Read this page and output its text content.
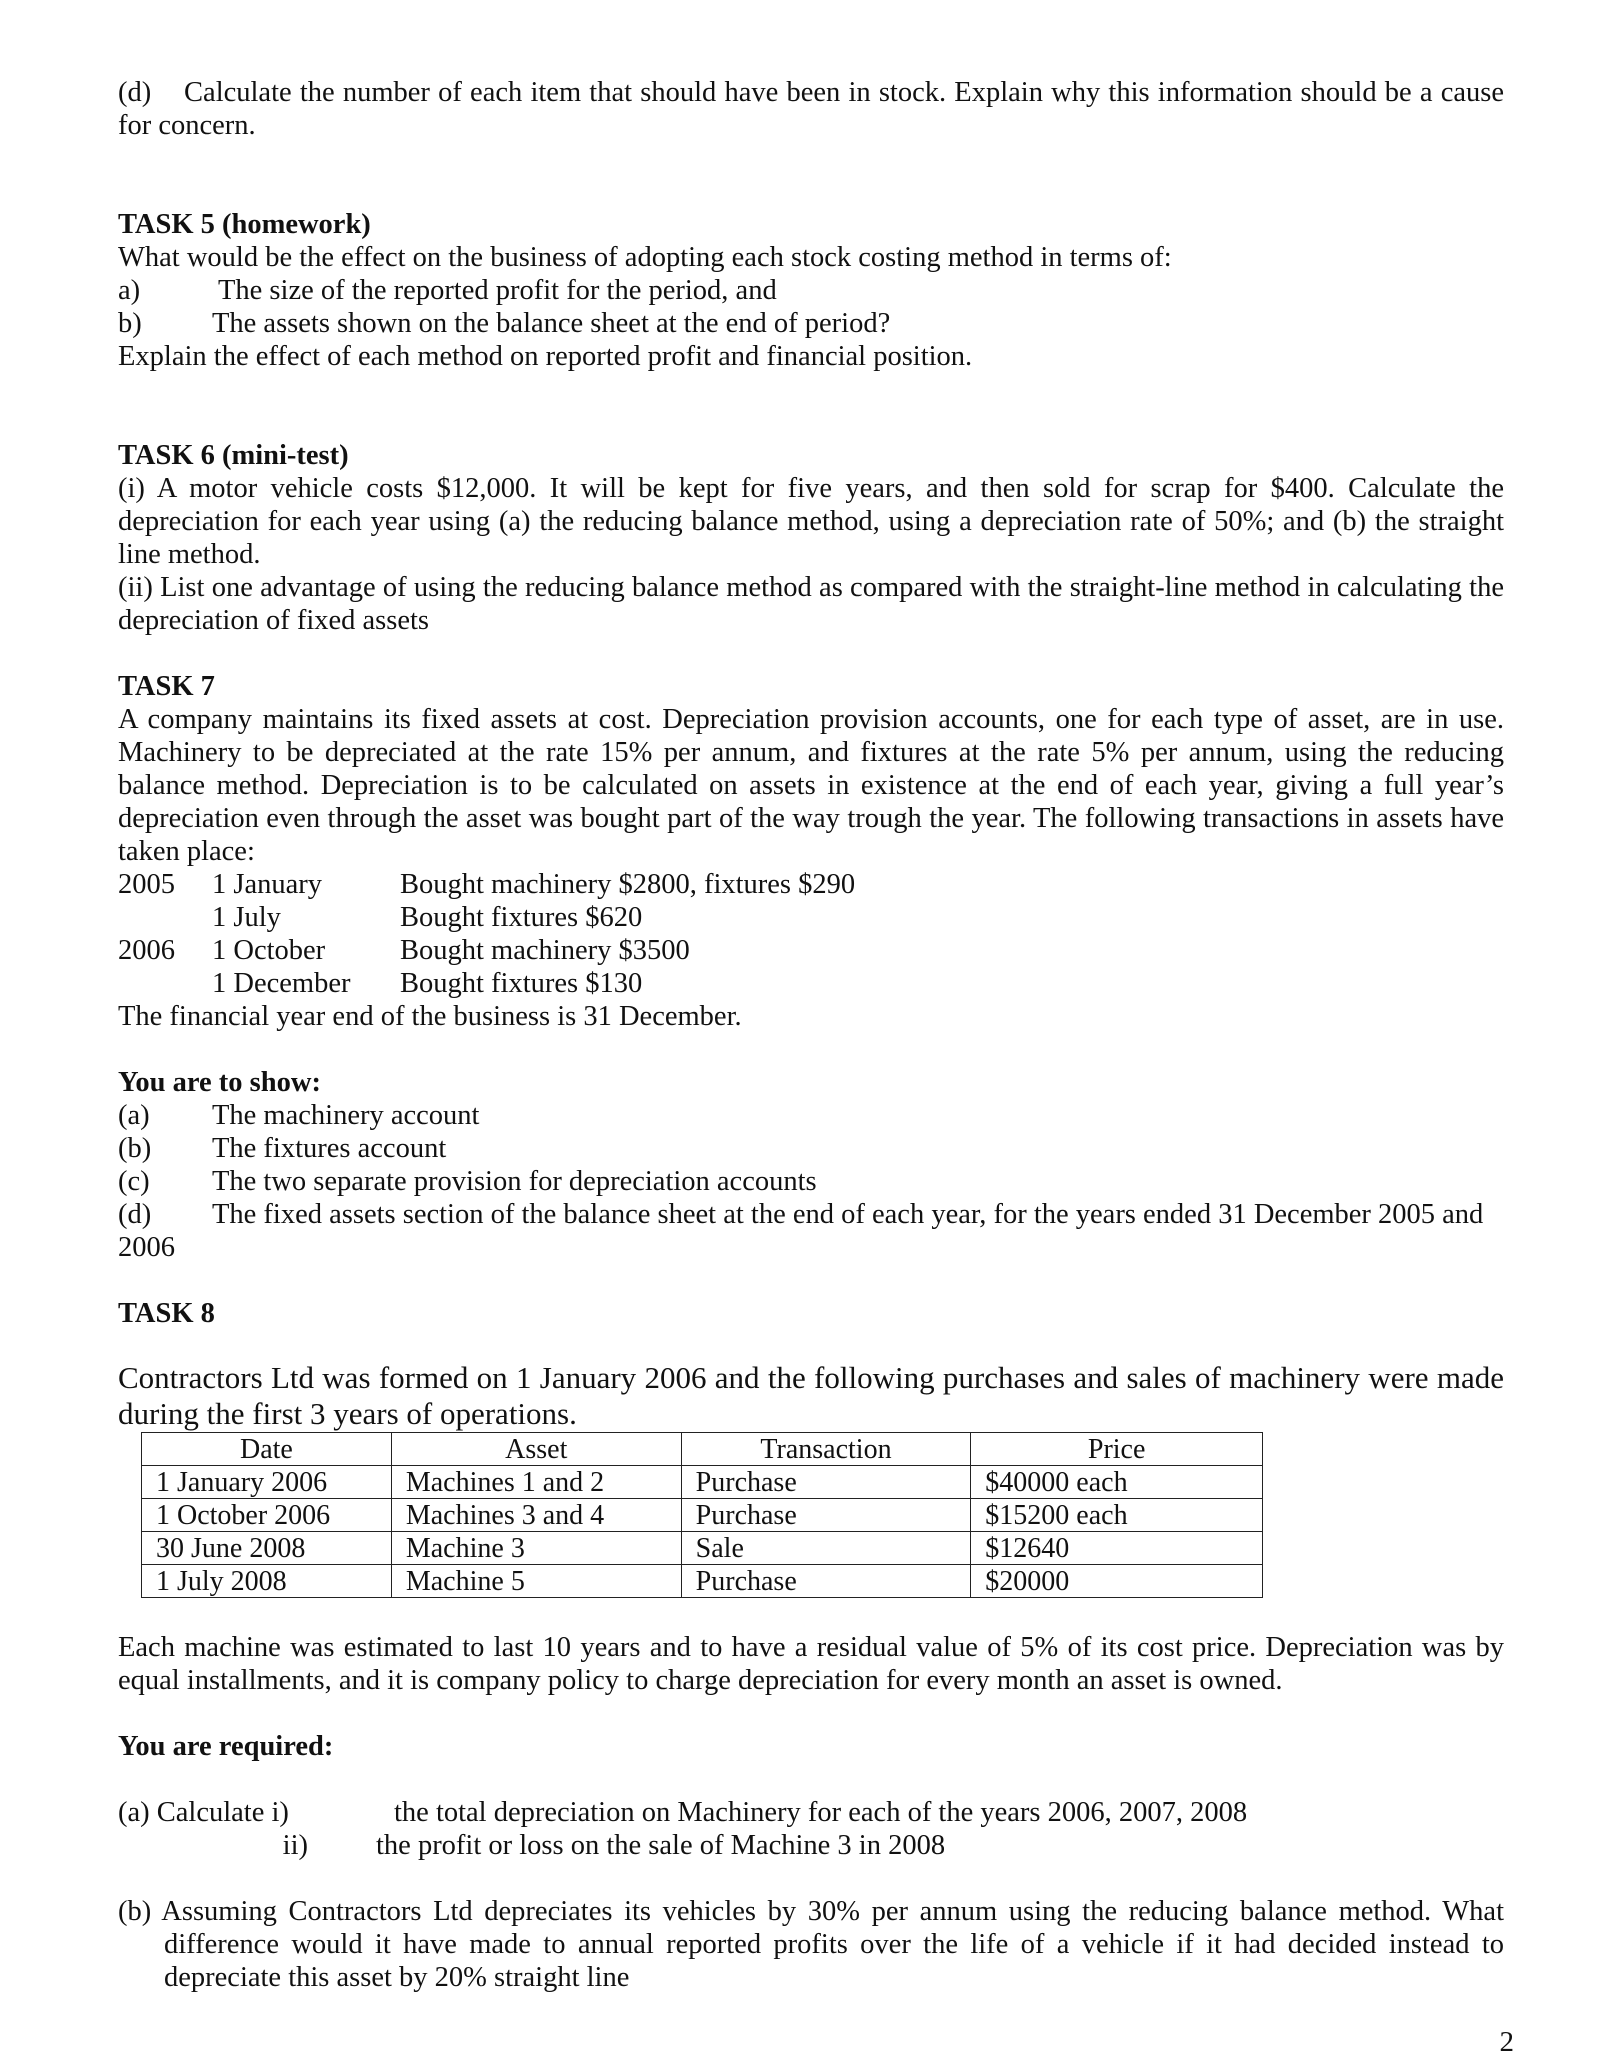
(d) Calculate the number of each item that should have been in stock. Explain why this information should be a cause for concern.

TASK 5 (homework)

What would be the effect on the business of adopting each stock costing method in terms of:

a)	The size of the reported profit for the period, and
b)	The assets shown on the balance sheet at the end of period?

Explain the effect of each method on reported profit and financial position.

TASK 6 (mini-test)

(i) A motor vehicle costs $12,000. It will be kept for five years, and then sold for scrap for $400. Calculate the depreciation for each year using (a) the reducing balance method, using a depreciation rate of 50%; and (b) the straight line method.

(ii) List one advantage of using the reducing balance method as compared with the straight-line method in calculating the depreciation of fixed assets

TASK 7

A company maintains its fixed assets at cost. Depreciation provision accounts, one for each type of asset, are in use. Machinery to be depreciated at the rate 15% per annum, and fixtures at the rate 5% per annum, using the reducing balance method. Depreciation is to be calculated on assets in existence at the end of each year, giving a full year’s depreciation even through the asset was bought part of the way trough the year. The following transactions in assets have taken place:

2005	1 January	Bought machinery $2800, fixtures $290
1 July	Bought fixtures $620
2006	1 October	Bought machinery $3500
1 December	Bought fixtures $130

The financial year end of the business is 31 December.

You are to show:

(a)	The machinery account
(b)	The fixtures account
(c)	The two separate provision for depreciation accounts
(d)	The fixed assets section of the balance sheet at the end of each year, for the years ended 31 December 2005 and

2006

TASK 8

Contractors Ltd was formed on 1 January 2006 and the following purchases and sales of machinery were made during the first 3 years of operations.

Date	Asset	Transaction	Price
1 January 2006	Machines 1 and 2	Purchase	$40000 each
1 October 2006	Machines 3 and 4	Purchase	$15200 each
30 June 2008	Machine 3	Sale	$12640
1 July 2008	Machine 5	Purchase	$20000

Each machine was estimated to last 10 years and to have a residual value of 5% of its cost price. Depreciation was by equal installments, and it is company policy to charge depreciation for every month an asset is owned.

You are required:

(a) Calculate i)	the total depreciation on Machinery for each of the years 2006, 2007, 2008
ii)	the profit or loss on the sale of Machine 3 in 2008

(b) Assuming Contractors Ltd depreciates its vehicles by 30% per annum using the reducing balance method. What difference would it have made to annual reported profits over the life of a vehicle if it had decided instead to depreciate this asset by 20% straight line

2
